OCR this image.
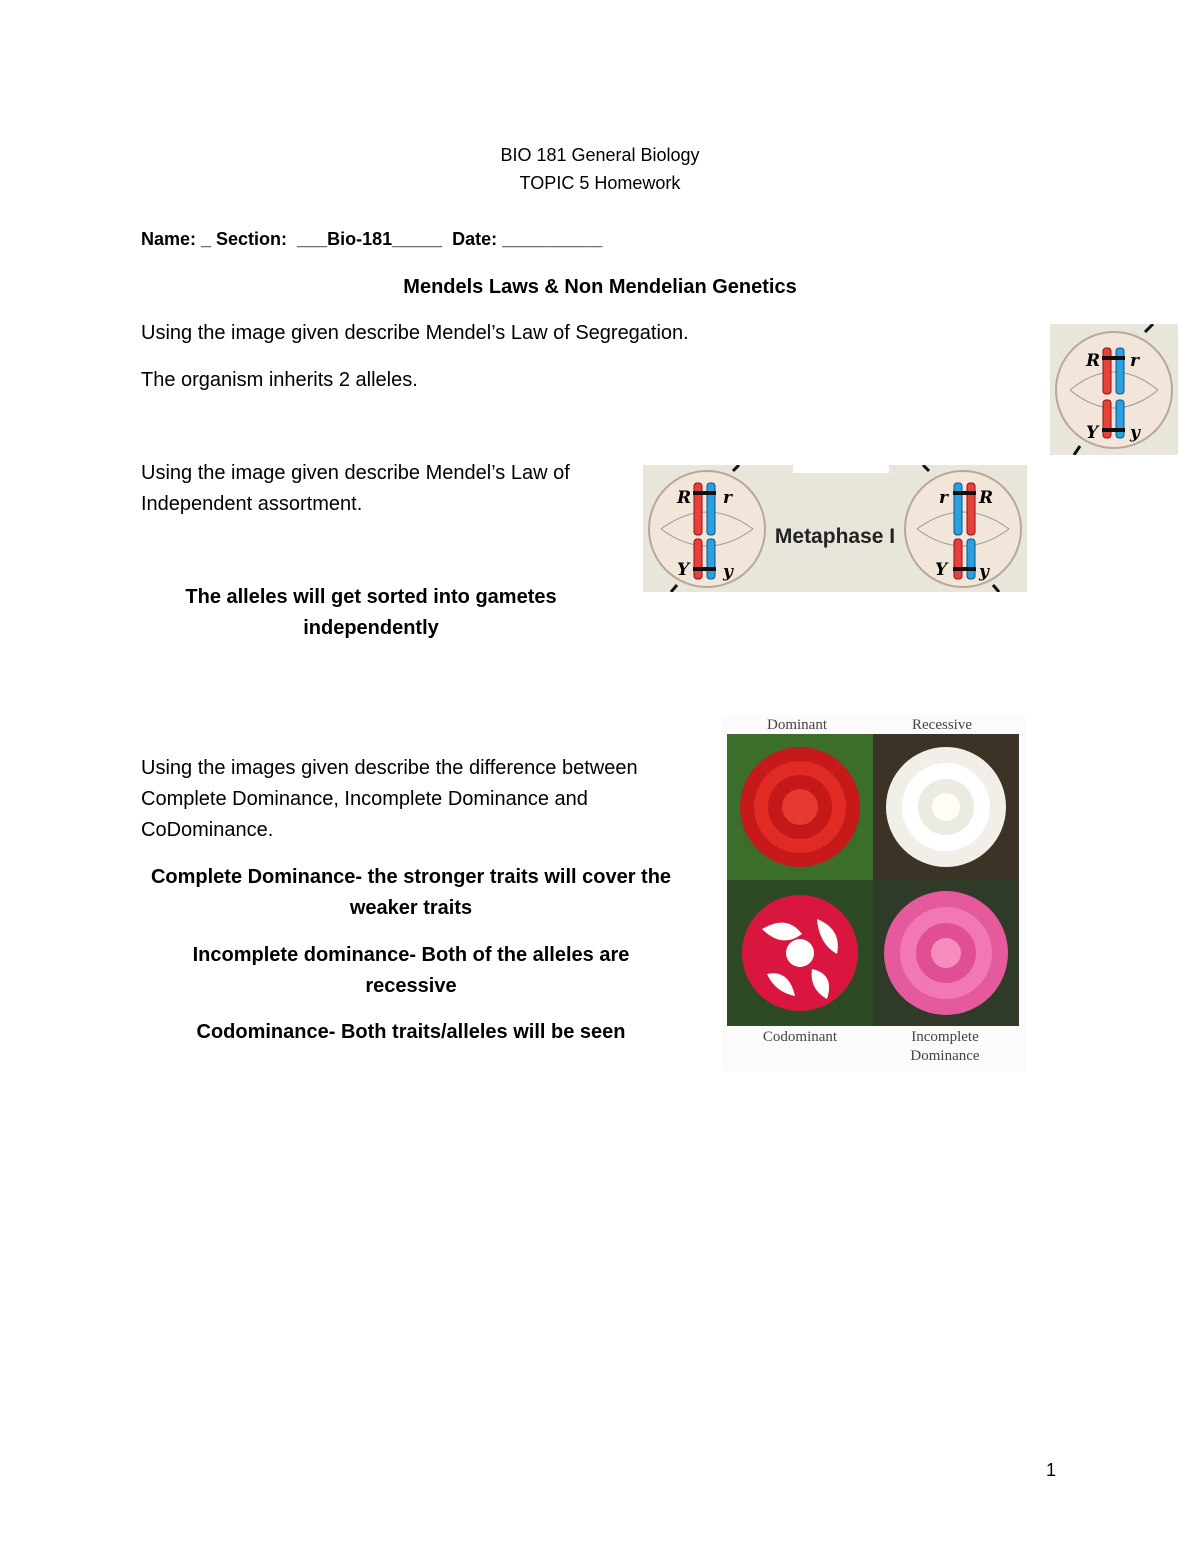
BIO 181 General Biology
TOPIC 5 Homework
Name: _ Section:  ___Bio-181_____  Date: __________
Mendels Laws & Non Mendelian Genetics
Using the image given describe Mendel’s Law of Segregation.
The organism inherits 2 alleles.
R r
Y y
Using the image given describe Mendel’s Law of
Independent assortment.
The alleles will get sorted into gametes
independently
R r
Y y
Metaphase I
r R
Y y
Using the images given describe the difference between
Complete Dominance, Incomplete Dominance and
CoDominance.
Complete Dominance- the stronger traits will cover the
weaker traits
Incomplete dominance- Both of the alleles are
recessive
Codominance- Both traits/alleles will be seen
Dominant	Recessive
Codominant	Incomplete
Dominance
1
